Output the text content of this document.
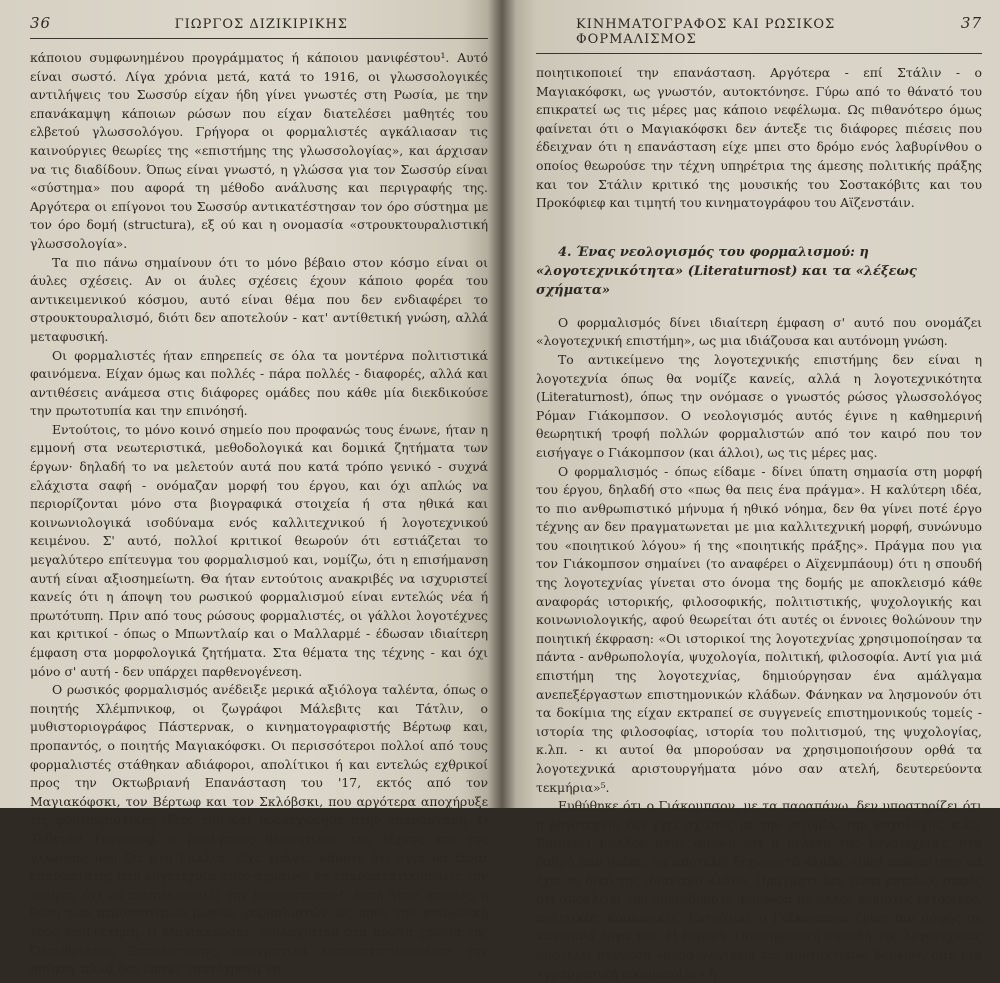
36	ΓΙΩΡΓΟΣ ΔΙΖΙΚΙΡΙΚΗΣ

κάποιου συμφωνημένου προγράμματος ή κάποιου μανιφέστου¹. Αυτό είναι σωστό. Λίγα χρόνια μετά, κατά το 1916, οι γλωσσολογικές αντιλήψεις του Σωσσύρ είχαν ήδη γίνει γνωστές στη Ρωσία, με την επανάκαμψη κάποιων ρώσων που είχαν διατελέσει μαθητές του ελβετού γλωσσολόγου. Γρήγορα οι φορμαλιστές αγκάλιασαν τις καινούργιες θεωρίες της «επιστήμης της γλωσσολογίας», και άρχισαν να τις διαδίδουν. Όπως είναι γνωστό, η γλώσσα για τον Σωσσύρ είναι «σύστημα» που αφορά τη μέθοδο ανάλυσης και περιγραφής της. Αργότερα οι επίγονοι του Σωσσύρ αντικατέστησαν τον όρο σύστημα με τον όρο δομή (structura), εξ ού και η ονομασία «στρουκτουραλιστική γλωσσολογία».

Τα πιο πάνω σημαίνουν ότι το μόνο βέβαιο στον κόσμο είναι οι άυλες σχέσεις. Αν οι άυλες σχέσεις έχουν κάποιο φορέα του αντικειμενικού κόσμου, αυτό είναι θέμα που δεν ενδιαφέρει το στρουκτουραλισμό, διότι δεν αποτελούν - κατ' αντίθετική γνώση, αλλά μεταφυσική.

Οι φορμαλιστές ήταν επηρεπείς σε όλα τα μοντέρνα πολιτιστικά φαινόμενα. Είχαν όμως και πολλές - πάρα πολλές - διαφορές, αλλά και αντιθέσεις ανάμεσα στις διάφορες ομάδες που κάθε μία διεκδικούσε την πρωτοτυπία και την επινόησή.

Εντούτοις, το μόνο κοινό σημείο που προφανώς τους ένωνε, ήταν η εμμονή στα νεωτεριστικά, μεθοδολογικά και δομικά ζητήματα των έργων· δηλαδή το να μελετούν αυτά που κατά τρόπο γενικό - συχνά ελάχιστα σαφή - ονόμαζαν μορφή του έργου, και όχι απλώς να περιορίζονται μόνο στα βιογραφικά στοιχεία ή στα ηθικά και κοινωνιολογικά ισοδύναμα ενός καλλιτεχνικού ή λογοτεχνικού κειμένου. Σ' αυτό, πολλοί κριτικοί θεωρούν ότι εστιάζεται το μεγαλύτερο επίτευγμα του φορμαλισμού και, νομίζω, ότι η επισήμανση αυτή είναι αξιοσημείωτη. Θα ήταν εντούτοις ανακριβές να ισχυριστεί κανείς ότι η άποψη του ρωσικού φορμαλισμού είναι εντελώς νέα ή πρωτότυπη. Πριν από τους ρώσους φορμαλιστές, οι γάλλοι λογοτέχνες και κριτικοί - όπως ο Μπωντλαίρ και ο Μαλλαρμέ - έδωσαν ιδιαίτερη έμφαση στα μορφολογικά ζητήματα. Στα θέματα της τέχνης - και όχι μόνο σ' αυτή - δεν υπάρχει παρθενογένεση.

Ο ρωσικός φορμαλισμός ανέδειξε μερικά αξιόλογα ταλέντα, όπως ο ποιητής Χλέμπνικοφ, οι ζωγράφοι Μάλεβιτς και Τάτλιν, ο μυθιστοριογράφος Πάστερνακ, ο κινηματογραφιστής Βέρτωφ και, προπαντός, ο ποιητής Μαγιακόφσκι. Οι περισσότεροι πολλοί από τους φορμαλιστές στάθηκαν αδιάφοροι, απολίτικοι ή και εντελώς εχθρικοί προς την Οκτωβριανή Επανάσταση του '17, εκτός από τον Μαγιακόφσκι, τον Βέρτωφ και τον Σκλόβσκι, που αργότερα αποχήρυξε τις φουτουριστικές ιδέες του και προσεχώρησε στην επανάσταση. Ο Τοβετάν Τοντόροφ, ο βούλγαρος θεωρητικός της τέχνης και της γλώσσας που ζει στη Γαλλία, είχε γράψει κάποτε ότι «για να είσαι επαναστάτης στη λογοτεχνία αυτό σημαίνει να επαναστατικοποιείς την ποίηση, όχι να ποιητικοποιείς την επανάσταση»⁴. Αυτή ήταν, κυρίως, η θέση των περισσοτέρων ρώσων φορμαλιστών ως προς την κοινωνική τους τοποθέτηση. Ο Μαγιακόφσκι, τουλάχιστον στα πρώτα χρόνια της Οκτωβριανής Επανάστασης, πραγματικά επαναστατικοποίησε την ποίηση, αλλά δεν έπαψε ταυτόχρονα να

ΚΙΝΗΜΑΤΟΓΡΑΦΟΣ ΚΑΙ ΡΩΣΙΚΟΣ ΦΟΡΜΑΛΙΣΜΟΣ
37

ποιητικοποιεί την επανάσταση. Αργότερα - επί Στάλιν - ο Μαγιακόφσκι, ως γνωστόν, αυτοκτόνησε. Γύρω από το θάνατό του επικρατεί ως τις μέρες μας κάποιο νεφέλωμα. Ως πιθανότερο όμως φαίνεται ότι ο Μαγιακόφσκι δεν άντεξε τις διάφορες πιέσεις που έδειχναν ότι η επανάσταση είχε μπει στο δρόμο ενός λαβυρίνθου ο οποίος θεωρούσε την τέχνη υπηρέτρια της άμεσης πολιτικής πράξης και τον Στάλιν κριτικό της μουσικής του Σοστακόβιτς και του Προκόφιεφ και τιμητή του κινηματογράφου του Αϊζενστάιν.

4. Ένας νεολογισμός του φορμαλισμού: η «λογοτεχνικότητα» (Literaturnost) και τα «λέξεως σχήματα»

Ο φορμαλισμός δίνει ιδιαίτερη έμφαση σ' αυτό που ονομάζει «λογοτεχνική επιστήμη», ως μια ιδιάζουσα και αυτόνομη γνώση.

Το αντικείμενο της λογοτεχνικής επιστήμης δεν είναι η λογοτεχνία όπως θα νομίζε κανείς, αλλά η λογοτεχνικότητα (Literaturnost), όπως την ονόμασε ο γνωστός ρώσος γλωσσολόγος Ρόμαν Γιάκομπσον. Ο νεολογισμός αυτός έγινε η καθημερινή θεωρητική τροφή πολλών φορμαλιστών από τον καιρό που τον εισήγαγε ο Γιάκομπσον (και άλλοι), ως τις μέρες μας.

Ο φορμαλισμός - όπως είδαμε - δίνει ύπατη σημασία στη μορφή του έργου, δηλαδή στο «πως θα πεις ένα πράγμα». Η καλύτερη ιδέα, το πιο ανθρωπιστικό μήνυμα ή ηθικό νόημα, δεν θα γίνει ποτέ έργο τέχνης αν δεν πραγματωνεται με μια καλλιτεχνική μορφή, συνώνυμο του «ποιητικού λόγου» ή της «ποιητικής πράξης». Πράγμα που για τον Γιάκομπσον σημαίνει (το αναφέρει ο Αϊχενμπάουμ) ότι η σπουδή της λογοτεχνίας γίνεται στο όνομα της δομής με αποκλεισμό κάθε αναφοράς ιστορικής, φιλοσοφικής, πολιτιστικής, ψυχολογικής και κοινωνιολογικής, αφού θεωρείται ότι αυτές οι έννοιες θολώνουν την ποιητική έκφραση: «Οι ιστορικοί της λογοτεχνίας χρησιμοποίησαν τα πάντα - ανθρωπολογία, ψυχολογία, πολιτική, φιλοσοφία. Αντί για μιά επιστήμη της λογοτεχνίας, δημιούργησαν ένα αμάλγαμα ανεπεξέργαστων επιστημονικών κλάδων. Φάνηκαν να λησμονούν ότι τα δοκίμια της είχαν εκτραπεί σε συγγενείς επιστημονικούς τομείς - ιστορία της φιλοσοφίας, ιστορία του πολιτισμού, της ψυχολογίας, κ.λπ. - κι αυτοί θα μπορούσαν να χρησιμοποιήσουν ορθά τα λογοτεχνικά αριστουργήματα μόνο σαν ατελή, δευτερεύοντα τεκμήρια»⁵.

Ευθύθηκε ότι ο Γιάκομπσον, με τα παραπάνω, δεν υποστηρίζει ότι η λογοτεχνία δεν έχει σχέσεις με την ιστορία, την ψυχολογία, κ.λπ. Επιμένει μάλλον στην άποψη ότι η μελέτη της λογοτεχνίας, στο βαθμό που πρέπει να αποτελεί ξεχωριστό κλάδο, είναι απαραίτητο να έχει το δικό της ιδιαίτερο κλάδο. Πράγματι δεν είναι εντελώς σαφές ότι αποκλείει την οποιαδήποτε αναφορά σε άλλες περιοχές ιστορικές, πολιτικές, κοινωνικές. Εντούτοις ο Γιάκομπσον έγινε πιο σαφής σε κατοπινά έργα του. Η δομική- επιστημονική σπουδή της λογοτεχνίας αποτελεί σύνθεση «μορφολογικών και συντακτικών δομών», σαν μια «γραμματική εικονοποιία» ή
